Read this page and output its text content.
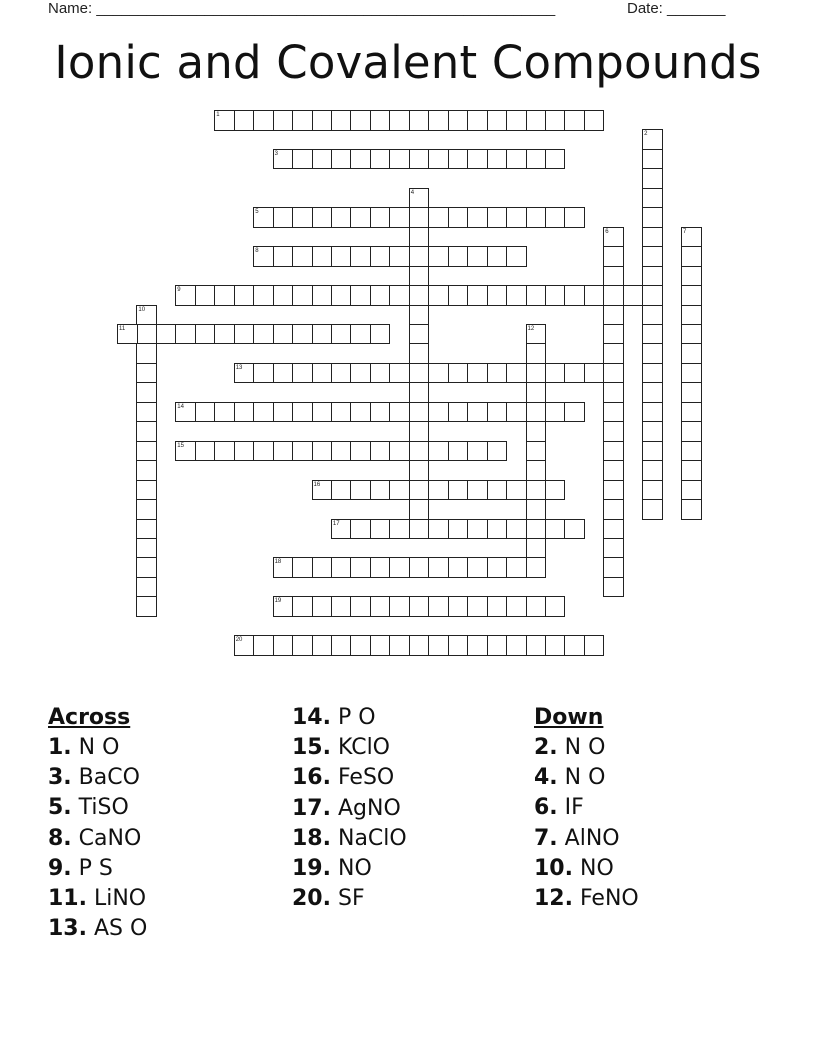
Name: _______________________________________________________	Date: _______
Ionic and Covalent Compounds
1
2
3
4
5
6	7
8
9
10
11	12
13
14
15
16
17
18
19
20
Across
1. N O
3. BaCO
5. TiSO
8. CaNO
9. P S
11. LiNO
13. AS O
14. P O
15. KClO
16. FeSO
17. AgNO
18. NaClO
19. NO
20. SF
Down
2. N O
4. N O
6. IF
7. AlNO
10. NO
12. FeNO
